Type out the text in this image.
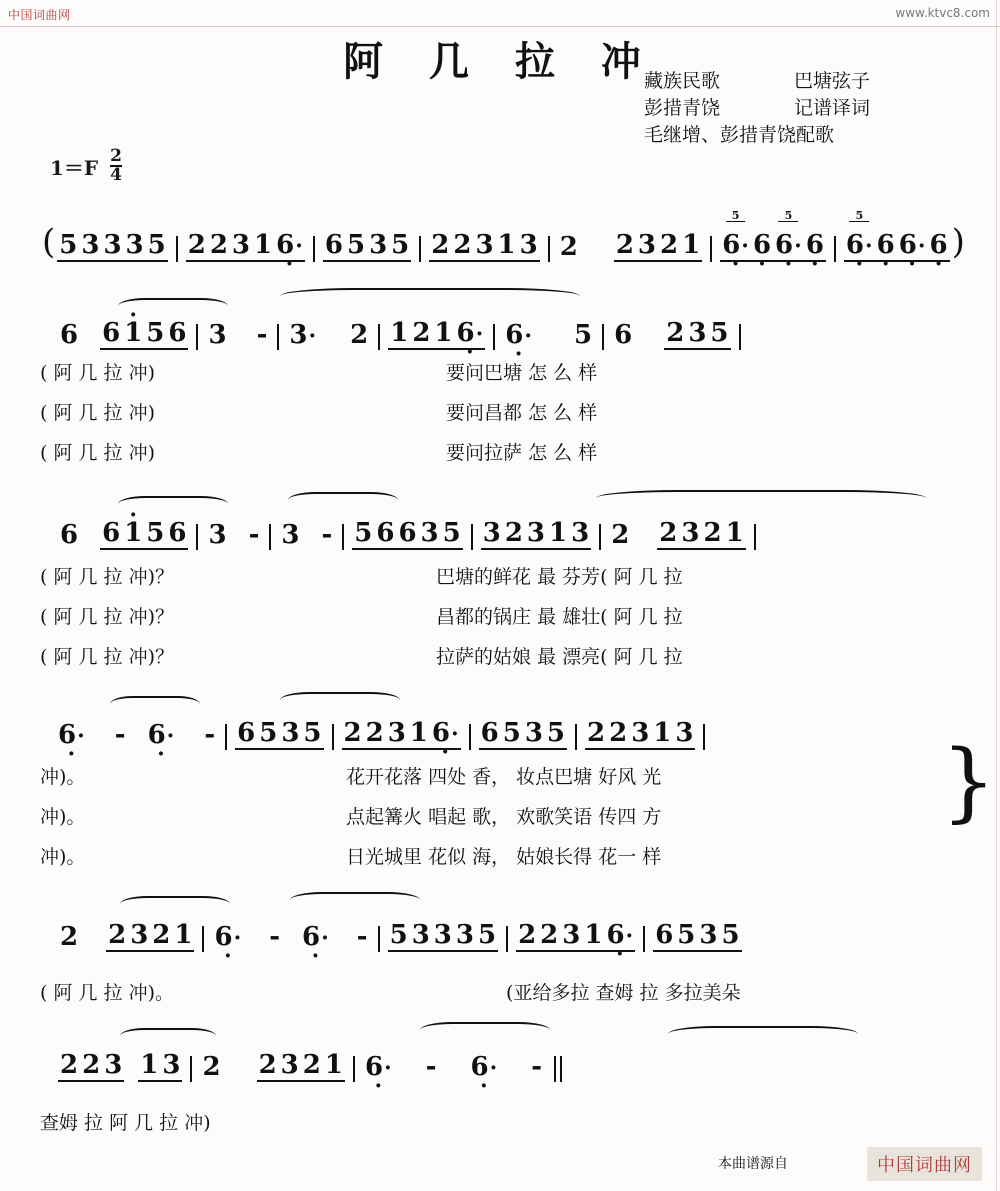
中国词曲网	www.ktvc8.com
阿 几 拉 冲
藏族民歌	巴塘弦子
彭措青饶	记谱译词
毛继增、彭措青饶配歌
$1=F \frac{2}{4}$
( 5 3 3 3 5 2 2 3 1 · 6 ·	6 5 3 5 2 2 3 1 3 2 2 3 2 1 · 6
5
·
· 6 · 6
5
·
· 6 · 6
5
·
· 6 · 6 · · 6 )
6 6 1 · 5 6 3 - 3 ·	2 1 2 1 · 6 ·	· 6 ·	5 6 2 3 5
( 阿 几 拉 冲)	要问巴塘 怎 么 样
( 阿 几 拉 冲)	要问昌都 怎 么 样
( 阿 几 拉 冲)	要问拉萨 怎 么 样
6 6 1 · 5 6 3 - 3 - 5 6 6 3 5 3 2 3 1 3 2 2 3 2 1
( 阿 几 拉 冲)？	巴塘的鲜花 最 芬芳( 阿 几 拉
( 阿 几 拉 冲)？	昌都的锅庄 最 雄壮( 阿 几 拉
( 阿 几 拉 冲)？	拉萨的姑娘 最 漂亮( 阿 几 拉
· 6 ·	- · 6 ·	- 6 5 3 5 2 2 3 1 · 6 ·	6 5 3 5 2 2 3 1 3
冲)。	花开花落 四处 香， 妆点巴塘 好风 光
冲)。	点起篝火 唱起 歌， 欢歌笑语 传四 方
冲)。	日光城里 花似 海， 姑娘长得 花一 样
}
2 2 3 2 1 · 6 ·	- · 6 ·	- 5 3 3 3 5 2 2 3 1 · 6 ·	6 5 3 5
( 阿 几 拉 冲)。	(亚给多拉 查姆 拉 多拉美朵
2 2 3 1 3 2 2 3 2 1 · 6 ·	- · 6 ·	-
查姆 拉 阿 几 拉 冲)
本曲谱源自	中国词曲网
